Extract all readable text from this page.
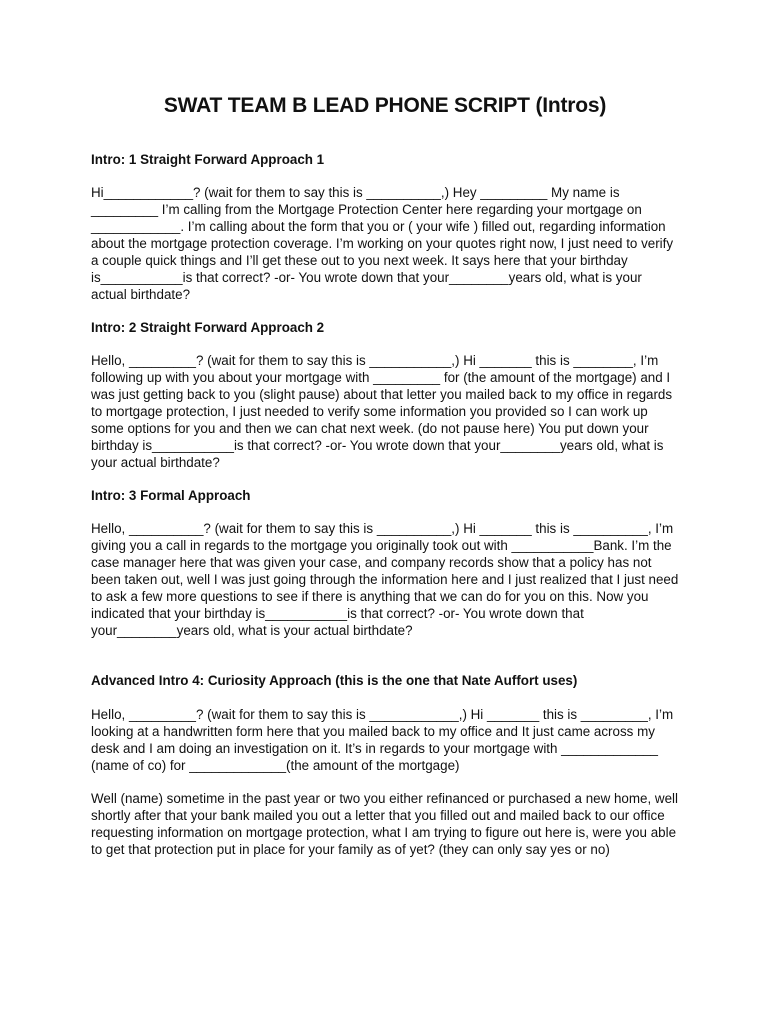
SWAT TEAM B LEAD PHONE SCRIPT (Intros)
Intro: 1 Straight Forward Approach 1

Hi____________? (wait for them to say this is __________,) Hey _________ My name is _________ I’m calling from the Mortgage Protection Center here regarding your mortgage on ____________. I’m calling about the form that you or ( your wife ) filled out, regarding information about the mortgage protection coverage. I’m working on your quotes right now, I just need to verify a couple quick things and I’ll get these out to you next week. It says here that your birthday is___________is that correct? -or- You wrote down that your________years old, what is your actual birthdate?

Intro: 2 Straight Forward Approach 2

Hello, _________? (wait for them to say this is ___________,) Hi _______ this is ________, I’m following up with you about your mortgage with _________ for (the amount of the mortgage) and I was just getting back to you (slight pause) about that letter you mailed back to my office in regards to mortgage protection, I just needed to verify some information you provided so I can work up some options for you and then we can chat next week. (do not pause here) You put down your birthday is___________is that correct? -or- You wrote down that your________years old, what is your actual birthdate?

Intro: 3 Formal Approach

Hello, __________? (wait for them to say this is __________,) Hi _______ this is __________, I’m giving you a call in regards to the mortgage you originally took out with ___________Bank. I’m the case manager here that was given your case, and company records show that a policy has not been taken out, well I was just going through the information here and I just realized that I just need to ask a few more questions to see if there is anything that we can do for you on this. Now you indicated that your birthday is___________is that correct? -or- You wrote down that your________years old, what is your actual birthdate?

Advanced Intro 4: Curiosity Approach (this is the one that Nate Auffort uses)

Hello, _________? (wait for them to say this is ____________,) Hi _______ this is _________, I’m looking at a handwritten form here that you mailed back to my office and It just came across my desk and I am doing an investigation on it. It’s in regards to your mortgage with _____________ (name of co) for _____________(the amount of the mortgage)

Well (name) sometime in the past year or two you either refinanced or purchased a new home, well shortly after that your bank mailed you out a letter that you filled out and mailed back to our office requesting information on mortgage protection, what I am trying to figure out here is, were you able to get that protection put in place for your family as of yet? (they can only say yes or no)
